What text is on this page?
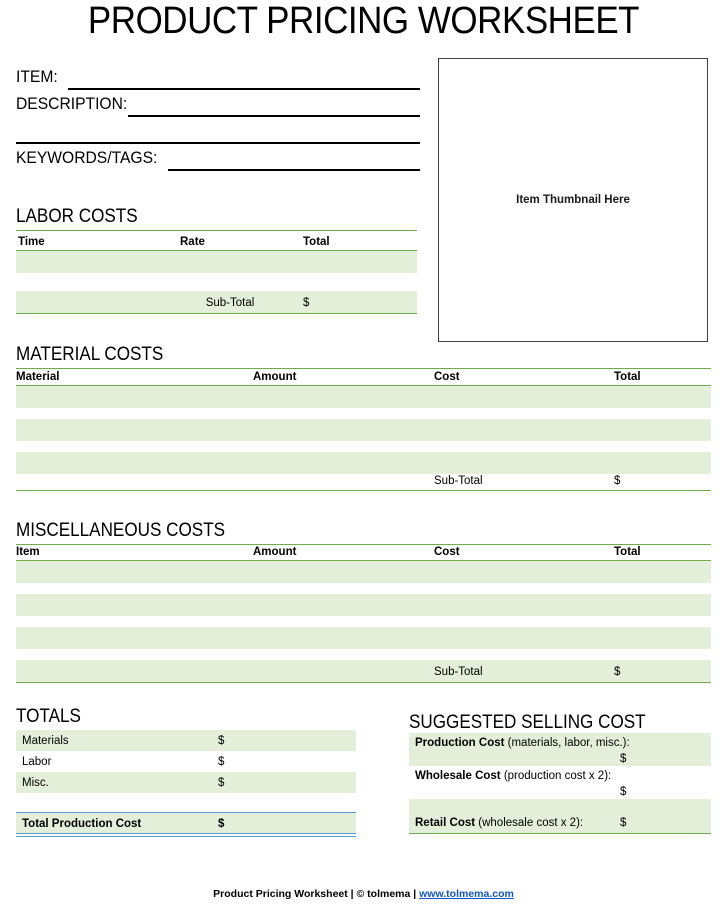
PRODUCT PRICING WORKSHEET
ITEM:
DESCRIPTION:
KEYWORDS/TAGS:
Item Thumbnail Here
LABOR COSTS
Time	Rate	Total
Sub-Total	$
MATERIAL COSTS
Material	Amount	Cost	Total
Sub-Total	$
MISCELLANEOUS COSTS
Item	Amount	Cost	Total
Sub-Total	$
TOTALS
Materials	$
Labor	$
Misc.	$
Total Production Cost	$
SUGGESTED SELLING COST
Production Cost (materials, labor, misc.):
$
Wholesale Cost (production cost x 2):
$
Retail Cost (wholesale cost x 2):	$
Product Pricing Worksheet | © tolmema | www.tolmema.com
